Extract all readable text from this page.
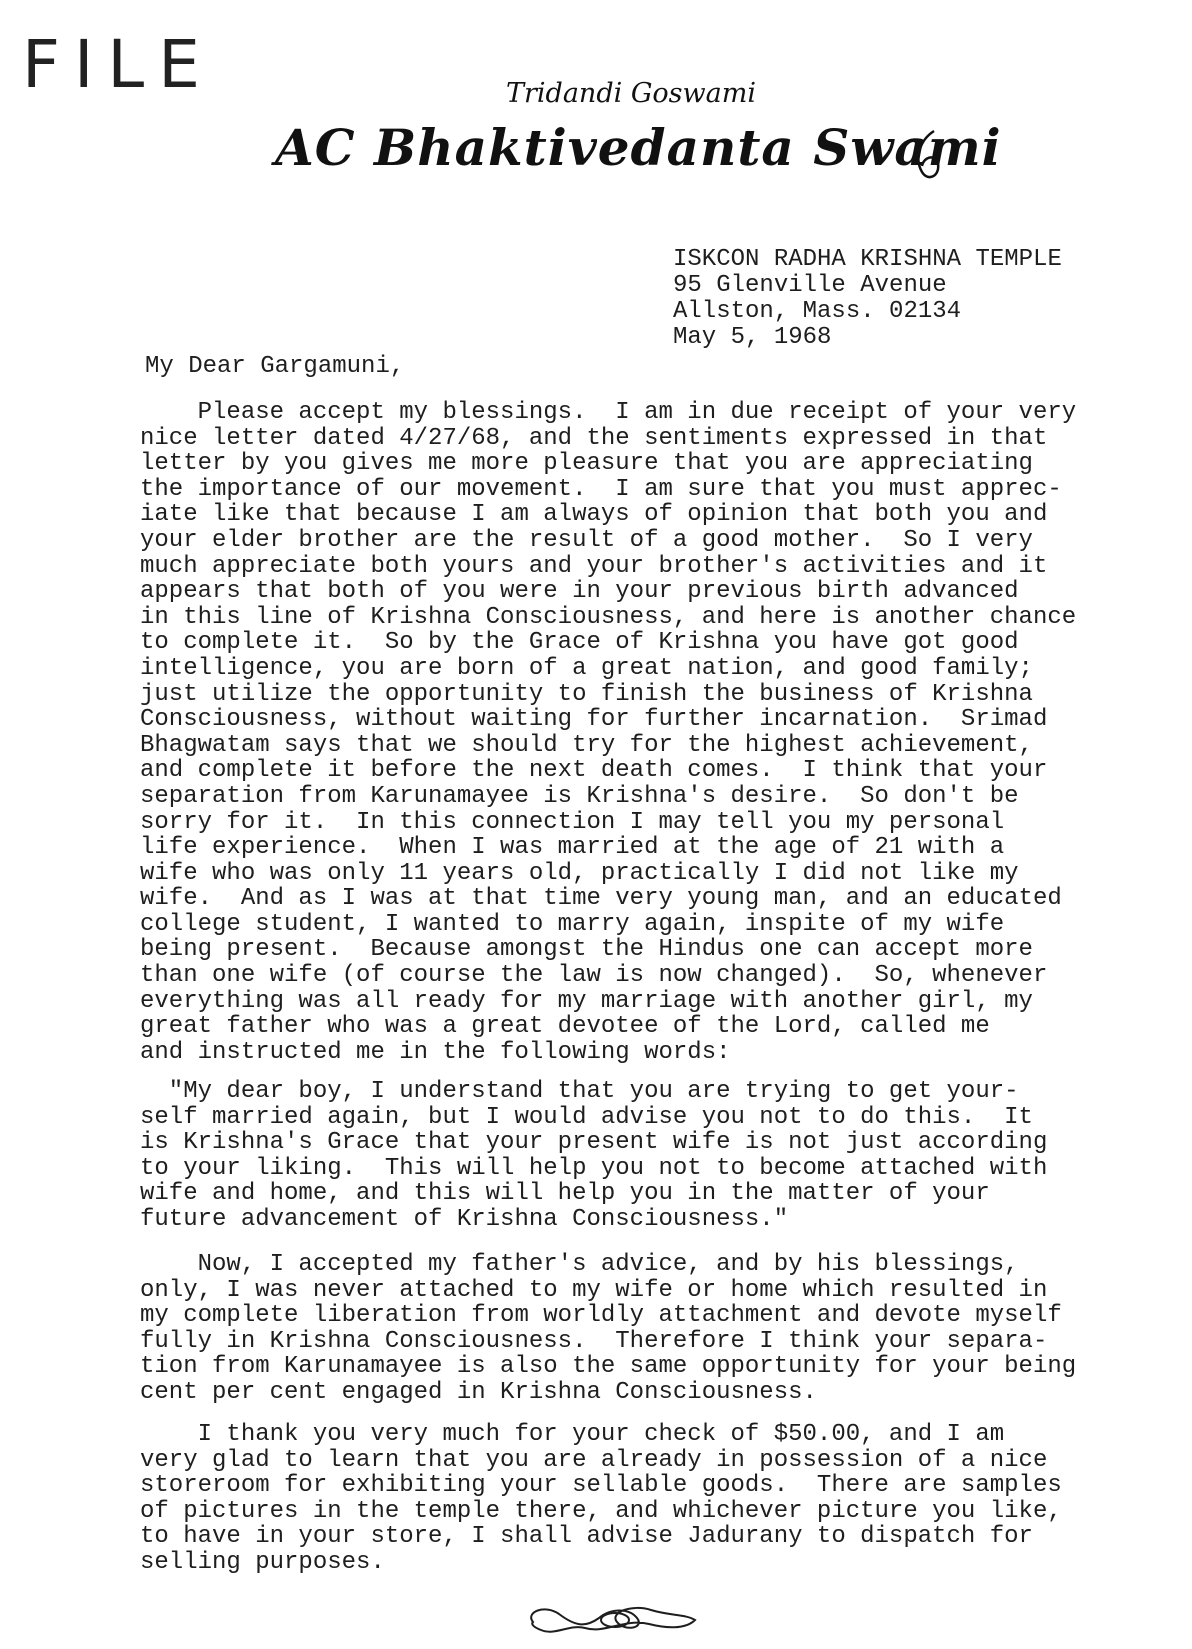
FILE	Tridandi Goswami
AC Bhaktivedanta Swami
ISKCON RADHA KRISHNA TEMPLE
95 Glenville Avenue
Allston, Mass. 02134
May 5, 1968
My Dear Gargamuni,
Please accept my blessings.  I am in due receipt of your very
nice letter dated 4/27/68, and the sentiments expressed in that
letter by you gives me more pleasure that you are appreciating
the importance of our movement.  I am sure that you must apprec-
iate like that because I am always of opinion that both you and
your elder brother are the result of a good mother.  So I very
much appreciate both yours and your brother's activities and it
appears that both of you were in your previous birth advanced
in this line of Krishna Consciousness, and here is another chance
to complete it.  So by the Grace of Krishna you have got good
intelligence, you are born of a great nation, and good family;
just utilize the opportunity to finish the business of Krishna
Consciousness, without waiting for further incarnation.  Srimad
Bhagwatam says that we should try for the highest achievement,
and complete it before the next death comes.  I think that your
separation from Karunamayee is Krishna's desire.  So don't be
sorry for it.  In this connection I may tell you my personal
life experience.  When I was married at the age of 21 with a
wife who was only 11 years old, practically I did not like my
wife.  And as I was at that time very young man, and an educated
college student, I wanted to marry again, inspite of my wife
being present.  Because amongst the Hindus one can accept more
than one wife (of course the law is now changed).  So, whenever
everything was all ready for my marriage with another girl, my
great father who was a great devotee of the Lord, called me
and instructed me in the following words:
"My dear boy, I understand that you are trying to get your-
self married again, but I would advise you not to do this.  It
is Krishna's Grace that your present wife is not just according
to your liking.  This will help you not to become attached with
wife and home, and this will help you in the matter of your
future advancement of Krishna Consciousness."
Now, I accepted my father's advice, and by his blessings,
only, I was never attached to my wife or home which resulted in
my complete liberation from worldly attachment and devote myself
fully in Krishna Consciousness.  Therefore I think your separa-
tion from Karunamayee is also the same opportunity for your being
cent per cent engaged in Krishna Consciousness.
I thank you very much for your check of $50.00, and I am
very glad to learn that you are already in possession of a nice
storeroom for exhibiting your sellable goods.  There are samples
of pictures in the temple there, and whichever picture you like,
to have in your store, I shall advise Jadurany to dispatch for
selling purposes.
